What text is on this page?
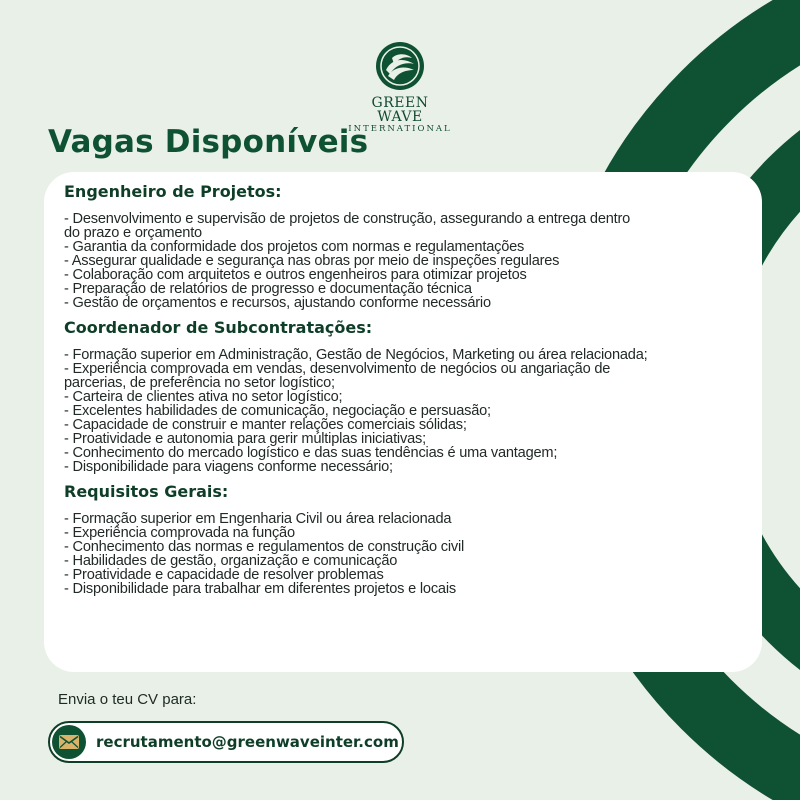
GREEN WAVE
INTERNATIONAL
Vagas Disponíveis
Engenheiro de Projetos:
- Desenvolvimento e supervisão de projetos de construção, assegurando a entrega dentro
do prazo e orçamento
- Garantia da conformidade dos projetos com normas e regulamentações
- Assegurar qualidade e segurança nas obras por meio de inspeções regulares
- Colaboração com arquitetos e outros engenheiros para otimizar projetos
- Preparação de relatórios de progresso e documentação técnica
- Gestão de orçamentos e recursos, ajustando conforme necessário
Coordenador de Subcontratações:
- Formação superior em Administração, Gestão de Negócios, Marketing ou área relacionada;
- Experiência comprovada em vendas, desenvolvimento de negócios ou angariação de
parcerias, de preferência no setor logístico;
- Carteira de clientes ativa no setor logístico;
- Excelentes habilidades de comunicação, negociação e persuasão;
- Capacidade de construir e manter relações comerciais sólidas;
- Proatividade e autonomia para gerir múltiplas iniciativas;
- Conhecimento do mercado logístico e das suas tendências é uma vantagem;
- Disponibilidade para viagens conforme necessário;
Requisitos Gerais:
- Formação superior em Engenharia Civil ou área relacionada
- Experiência comprovada na função
- Conhecimento das normas e regulamentos de construção civil
- Habilidades de gestão, organização e comunicação
- Proatividade e capacidade de resolver problemas
- Disponibilidade para trabalhar em diferentes projetos e locais
Envia o teu CV para:
recrutamento@greenwaveinter.com
